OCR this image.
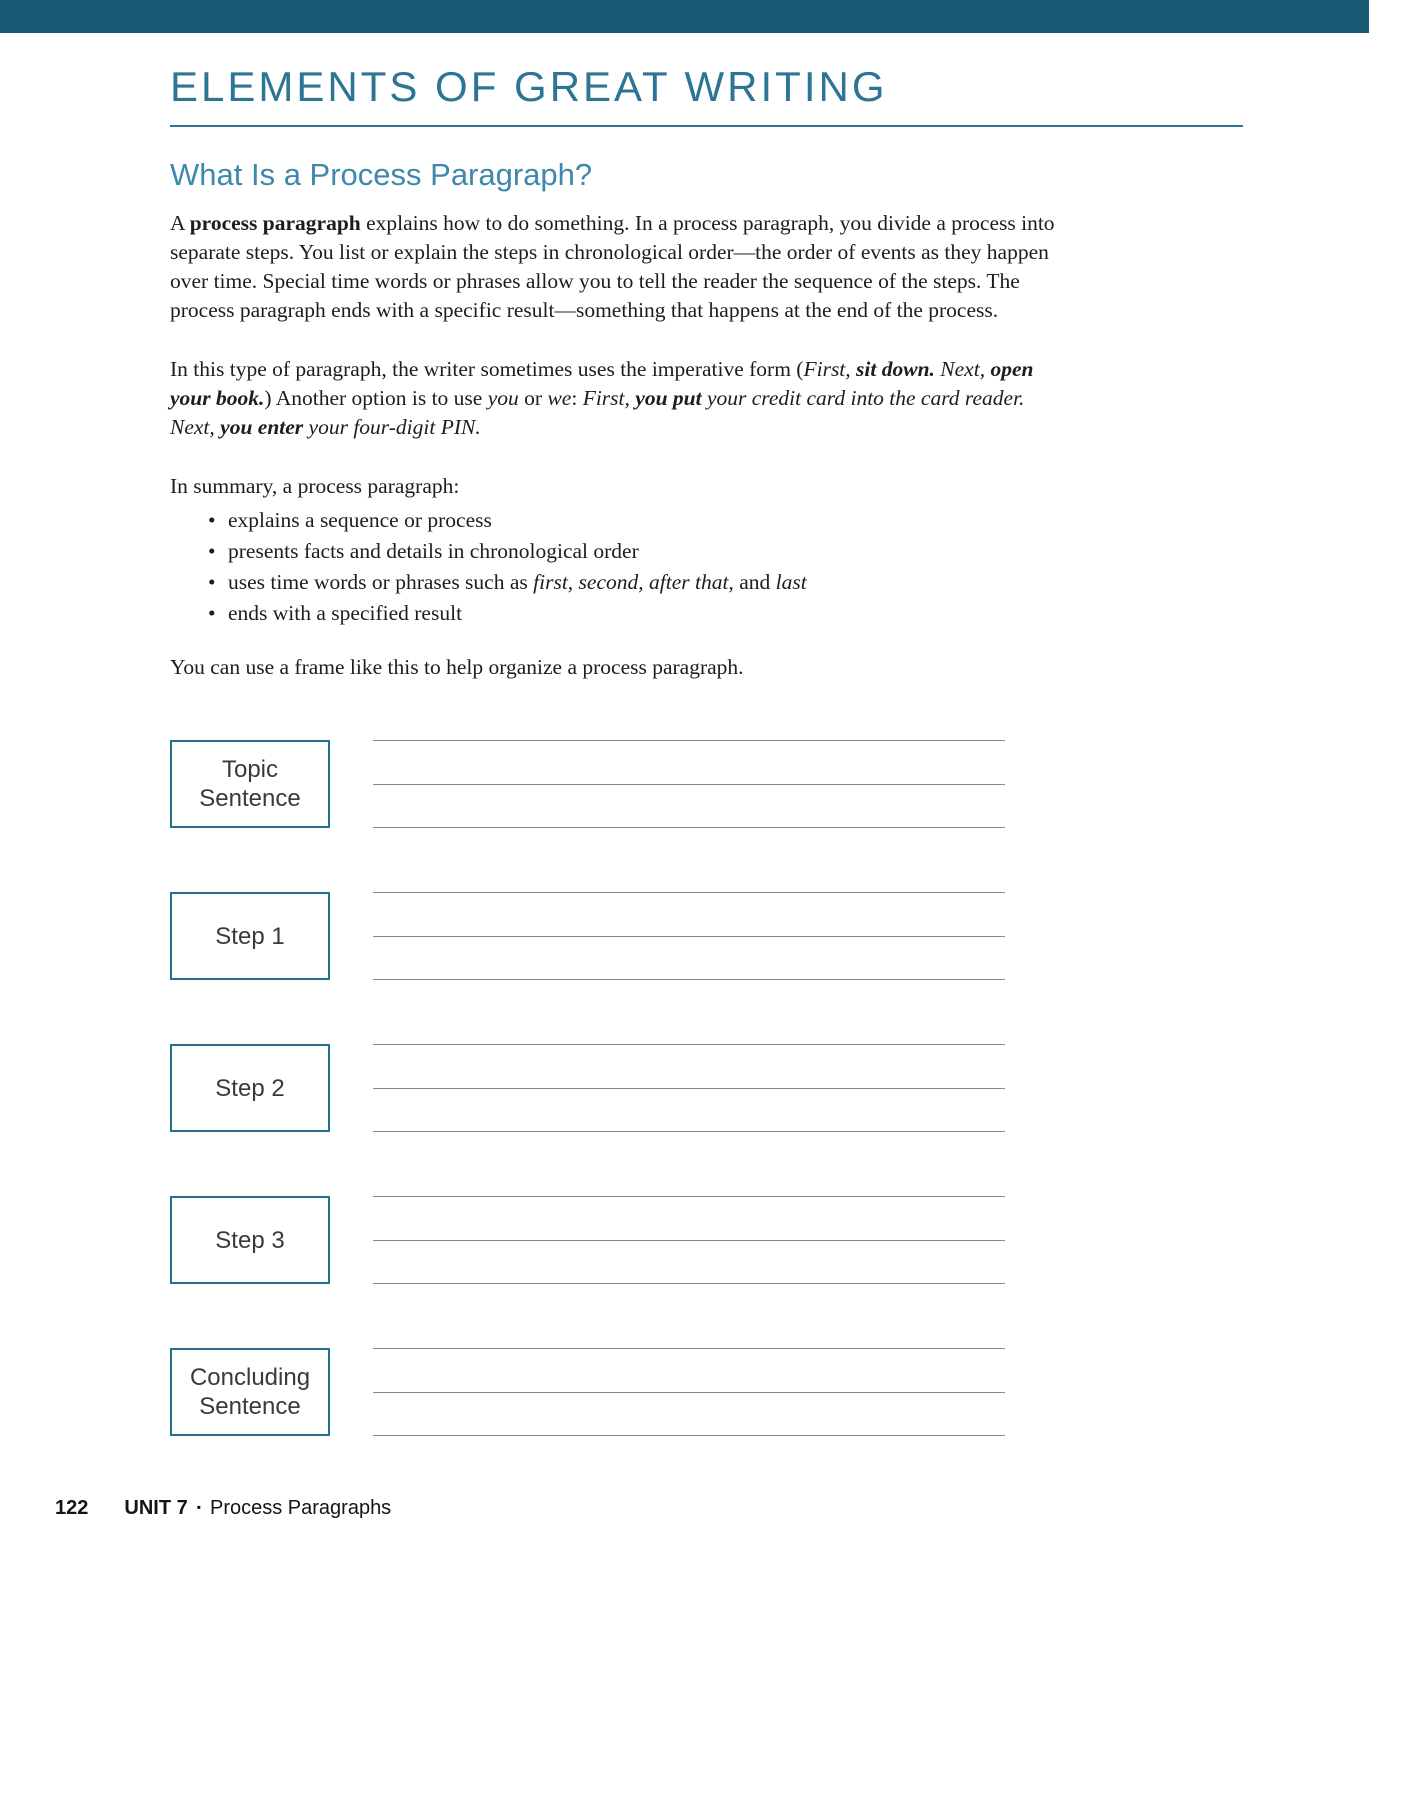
ELEMENTS OF GREAT WRITING
What Is a Process Paragraph?

A process paragraph explains how to do something. In a process paragraph, you divide a process into separate steps. You list or explain the steps in chronological order—the order of events as they happen over time. Special time words or phrases allow you to tell the reader the sequence of the steps. The process paragraph ends with a specific result—something that happens at the end of the process.

In this type of paragraph, the writer sometimes uses the imperative form (First, sit down. Next, open your book.) Another option is to use you or we: First, you put your credit card into the card reader. Next, you enter your four-digit PIN.

In summary, a process paragraph:

• explains a sequence or process
• presents facts and details in chronological order
• uses time words or phrases such as first, second, after that, and last
• ends with a specified result

You can use a frame like this to help organize a process paragraph.

Topic Sentence
Step 1
Step 2
Step 3
Concluding Sentence
122 UNIT 7 ▪ Process Paragraphs
